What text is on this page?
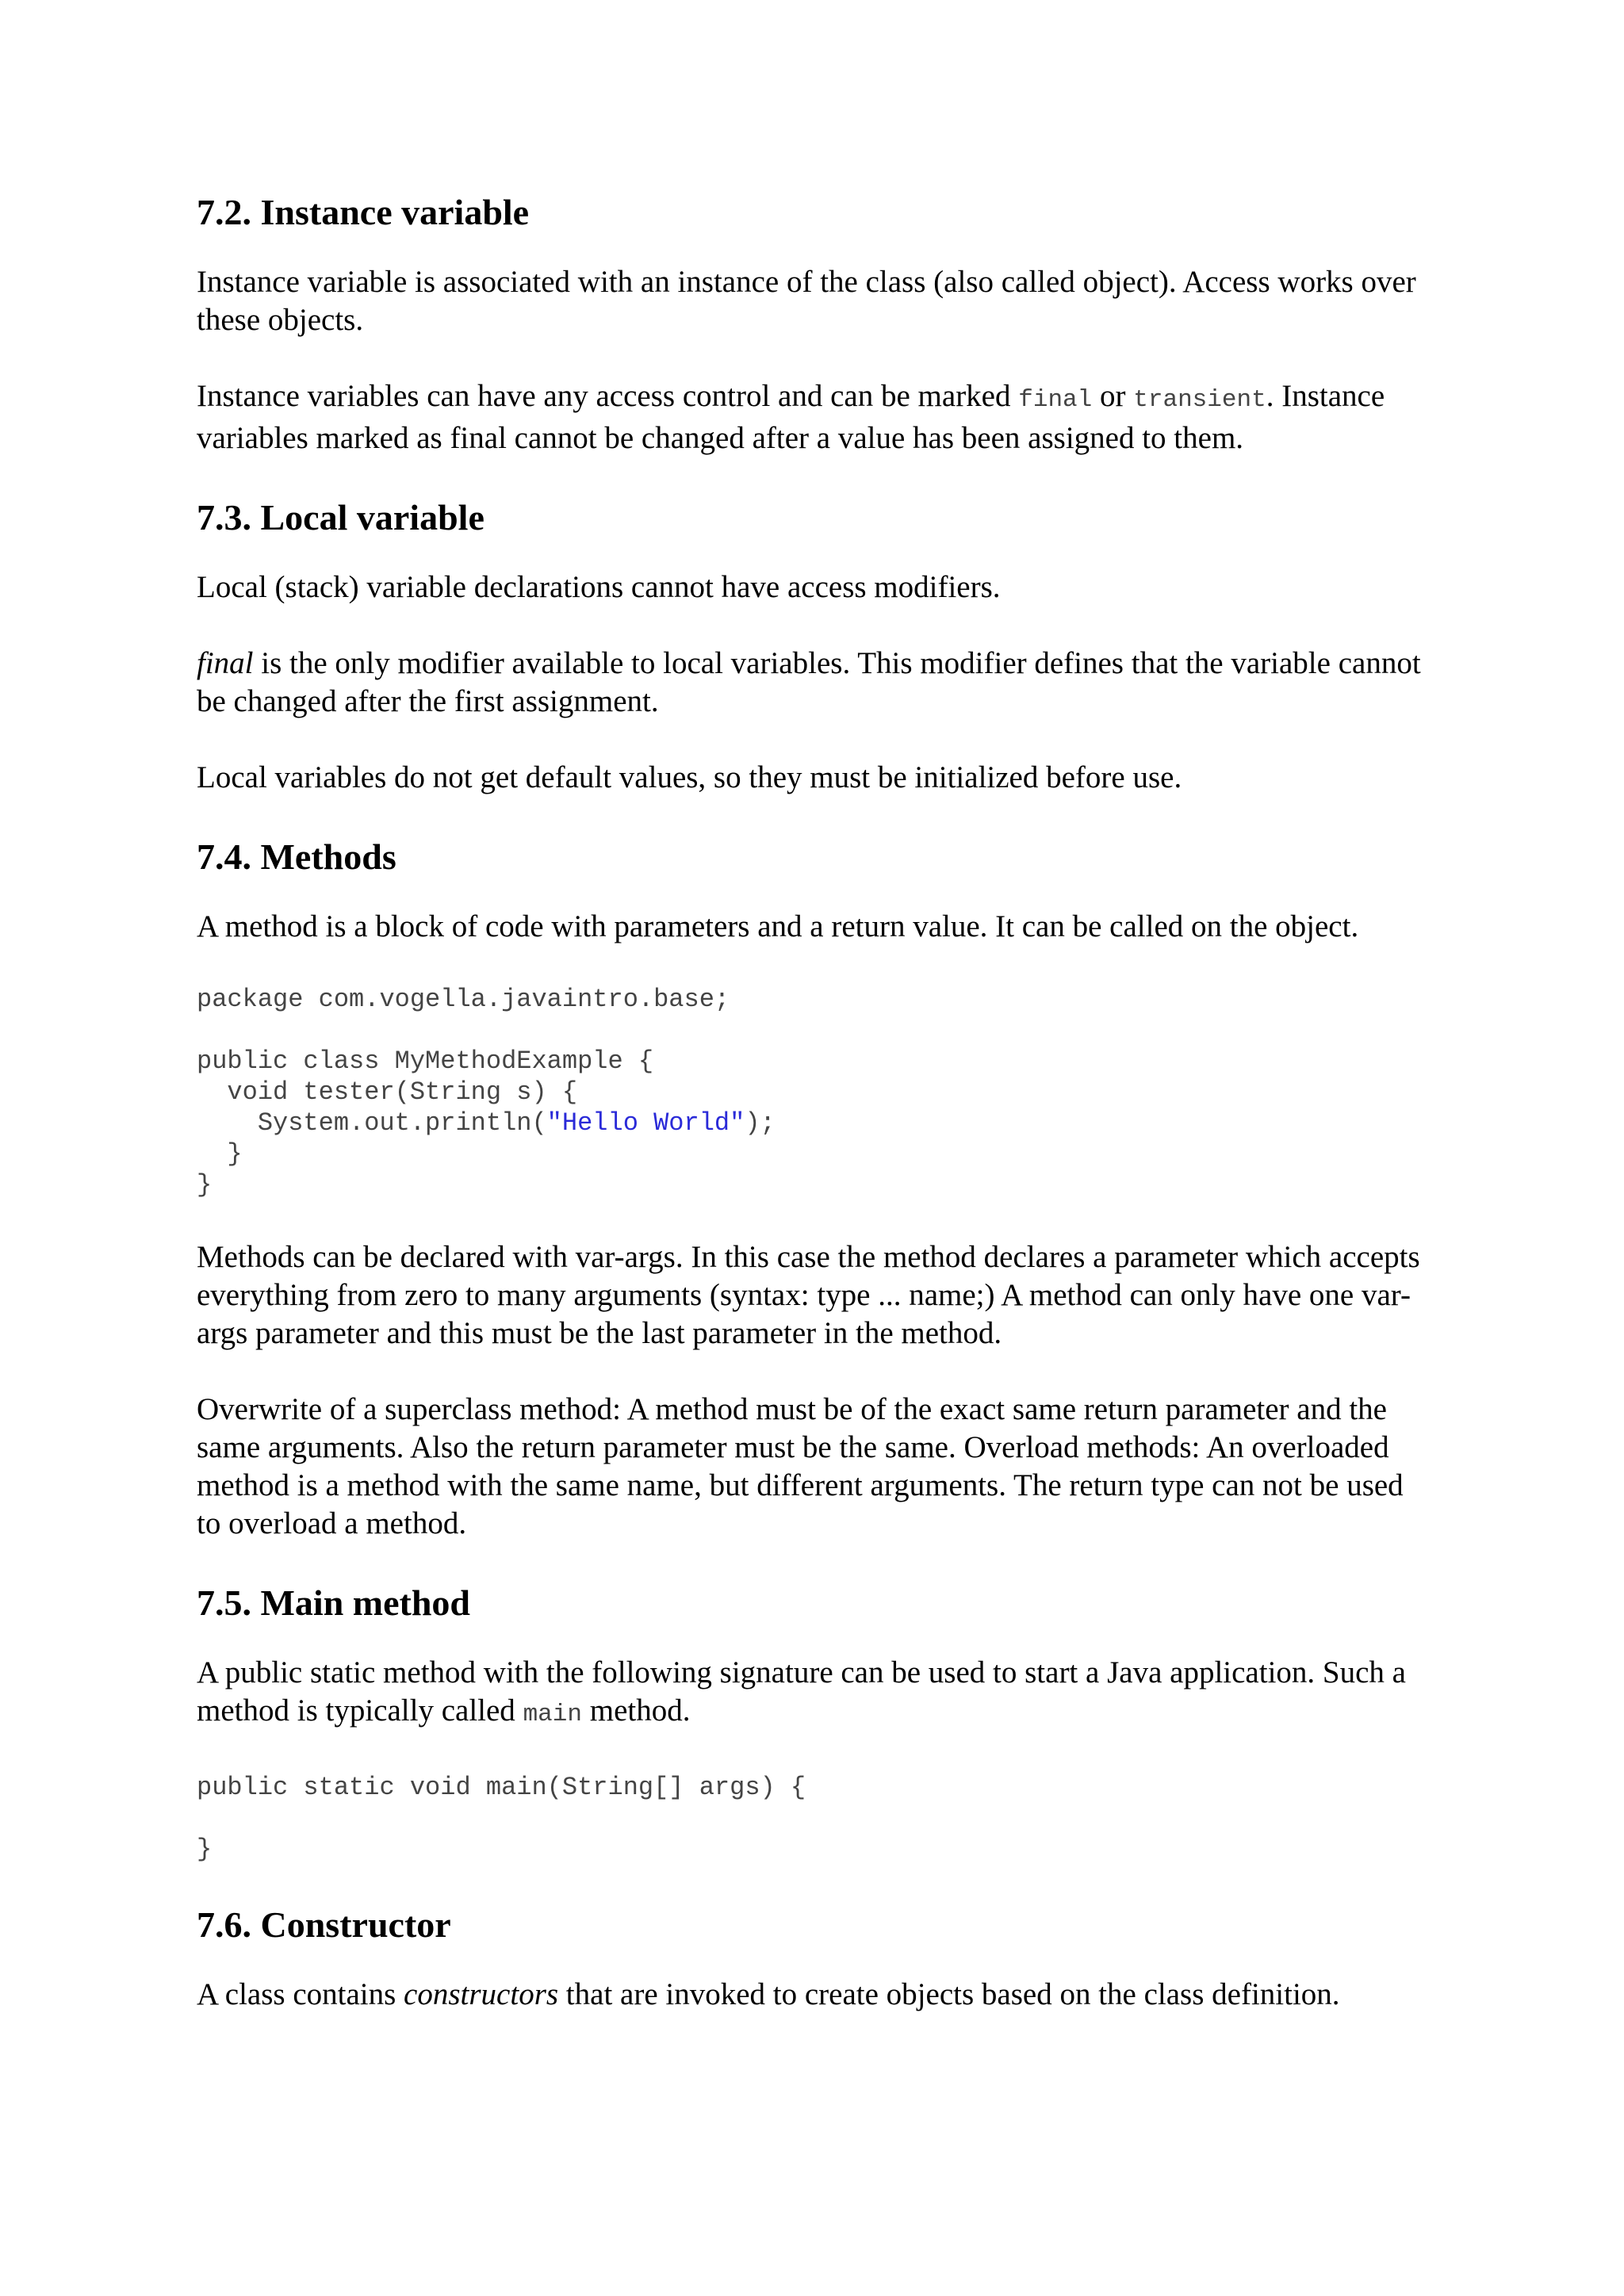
7.2. Instance variable

Instance variable is associated with an instance of the class (also called object). Access works over these objects.

Instance variables can have any access control and can be marked final or transient. Instance variables marked as final cannot be changed after a value has been assigned to them.

7.3. Local variable

Local (stack) variable declarations cannot have access modifiers.

final is the only modifier available to local variables. This modifier defines that the variable cannot be changed after the first assignment.

Local variables do not get default values, so they must be initialized before use.

7.4. Methods

A method is a block of code with parameters and a return value. It can be called on the object.

package com.vogella.javaintro.base;

public class MyMethodExample {
void tester(String s) {
System.out.println("Hello World");
}
}

Methods can be declared with var-args. In this case the method declares a parameter which accepts everything from zero to many arguments (syntax: type ... name;) A method can only have one var-args parameter and this must be the last parameter in the method.

Overwrite of a superclass method: A method must be of the exact same return parameter and the same arguments. Also the return parameter must be the same. Overload methods: An overloaded method is a method with the same name, but different arguments. The return type can not be used to overload a method.

7.5. Main method

A public static method with the following signature can be used to start a Java application. Such a method is typically called main method.

public static void main(String[] args) {

}
7.6. Constructor

A class contains constructors that are invoked to create objects based on the class definition.
